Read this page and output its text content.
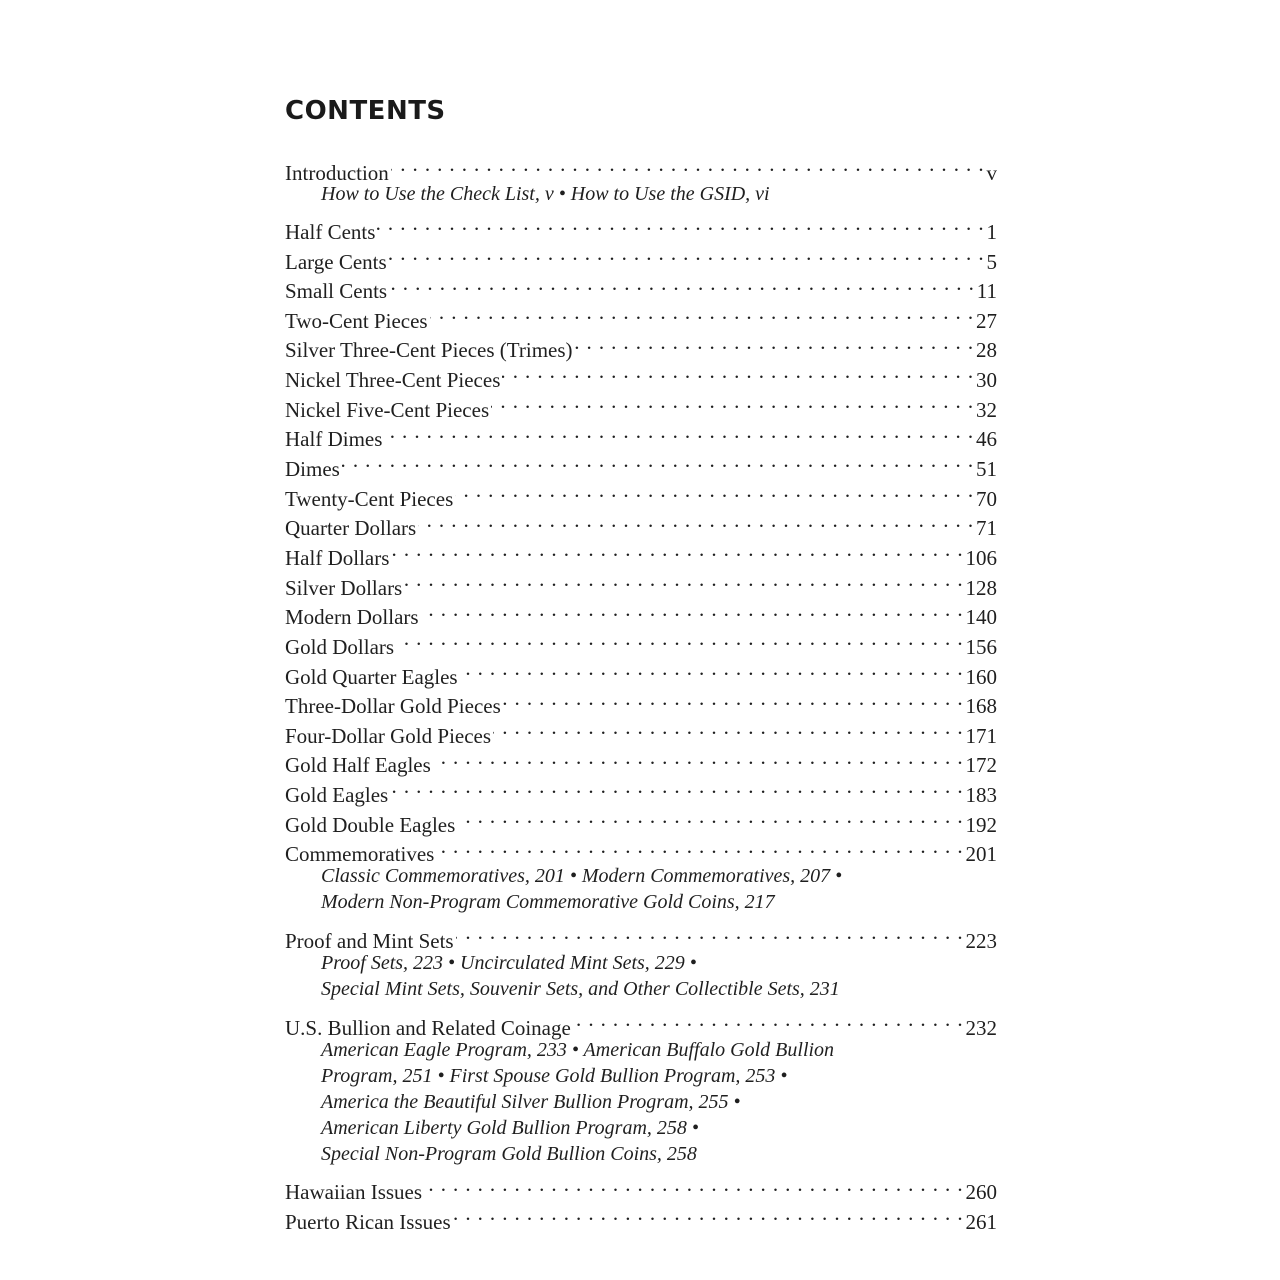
CONTENTS
Introduction . . .	v
How to Use the Check List, v • How to Use the GSID, vi
Half Cents . . .	1
Large Cents . . .	5
Small Cents . . .	11
Two-Cent Pieces . . .	27
Silver Three-Cent Pieces (Trimes) . . .	28
Nickel Three-Cent Pieces . . .	30
Nickel Five-Cent Pieces . . .	32
Half Dimes . . .	46
Dimes . . .	51
Twenty-Cent Pieces . . .	70
Quarter Dollars . . .	71
Half Dollars . . .	106
Silver Dollars . . .	128
Modern Dollars . . .	140
Gold Dollars . . .	156
Gold Quarter Eagles . . .	160
Three-Dollar Gold Pieces . . .	168
Four-Dollar Gold Pieces . . .	171
Gold Half Eagles . . .	172
Gold Eagles . . .	183
Gold Double Eagles . . .	192
Commemoratives . . .	201
Classic Commemoratives, 201 • Modern Commemoratives, 207 •
Modern Non-Program Commemorative Gold Coins, 217
Proof and Mint Sets . . .	223
Proof Sets, 223 • Uncirculated Mint Sets, 229 •
Special Mint Sets, Souvenir Sets, and Other Collectible Sets, 231
U.S. Bullion and Related Coinage . . .	232
American Eagle Program, 233 • American Buffalo Gold Bullion
Program, 251 • First Spouse Gold Bullion Program, 253 •
America the Beautiful Silver Bullion Program, 255 •
American Liberty Gold Bullion Program, 258 •
Special Non-Program Gold Bullion Coins, 258
Hawaiian Issues . . .	260
Puerto Rican Issues . . .	261
